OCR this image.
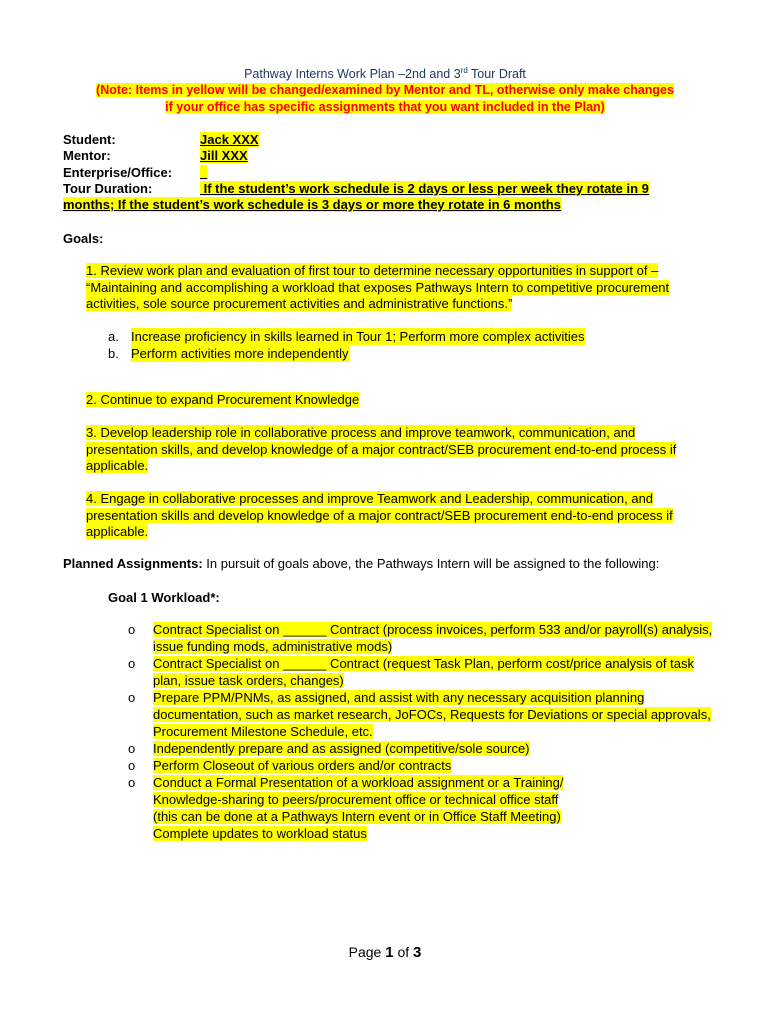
Pathway Interns Work Plan –2nd and 3rd Tour Draft
(Note: Items in yellow will be changed/examined by Mentor and TL, otherwise only make changes
if your office has specific assignments that you want included in the Plan)
Student:	Jack XXX
Mentor:	Jill XXX
Enterprise/Office: _
Tour Duration:	If the student’s work schedule is 2 days or less per week they rotate in 9
months; If the student’s work schedule is 3 days or more they rotate in 6 months
Goals:
1. Review work plan and evaluation of first tour to determine necessary opportunities in support of – “Maintaining and accomplishing a workload that exposes Pathways Intern to competitive procurement activities, sole source procurement activities and administrative functions.”
a. Increase proficiency in skills learned in Tour 1; Perform more complex activities
b. Perform activities more independently
2. Continue to expand Procurement Knowledge
3. Develop leadership role in collaborative process and improve teamwork, communication, and presentation skills, and develop knowledge of a major contract/SEB procurement end-to-end process if applicable.
4. Engage in collaborative processes and improve Teamwork and Leadership, communication, and presentation skills and develop knowledge of a major contract/SEB procurement end-to-end process if applicable.
Planned Assignments: In pursuit of goals above, the Pathways Intern will be assigned to the following:
Goal 1 Workload*:
o	Contract Specialist on ______ Contract (process invoices, perform 533 and/or payroll(s) analysis, issue funding mods, administrative mods)
o	Contract Specialist on ______ Contract (request Task Plan, perform cost/price analysis of task plan, issue task orders, changes)
o	Prepare PPM/PNMs, as assigned, and assist with any necessary acquisition planning documentation, such as market research, JoFOCs, Requests for Deviations or special approvals, Procurement Milestone Schedule, etc.
o	Independently prepare and as assigned (competitive/sole source)
o	Perform Closeout of various orders and/or contracts
o	Conduct a Formal Presentation of a workload assignment or a Training/
Knowledge-sharing to peers/procurement office or technical office staff
(this can be done at a Pathways Intern event or in Office Staff Meeting)
Complete updates to workload status
Page 1 of 3
